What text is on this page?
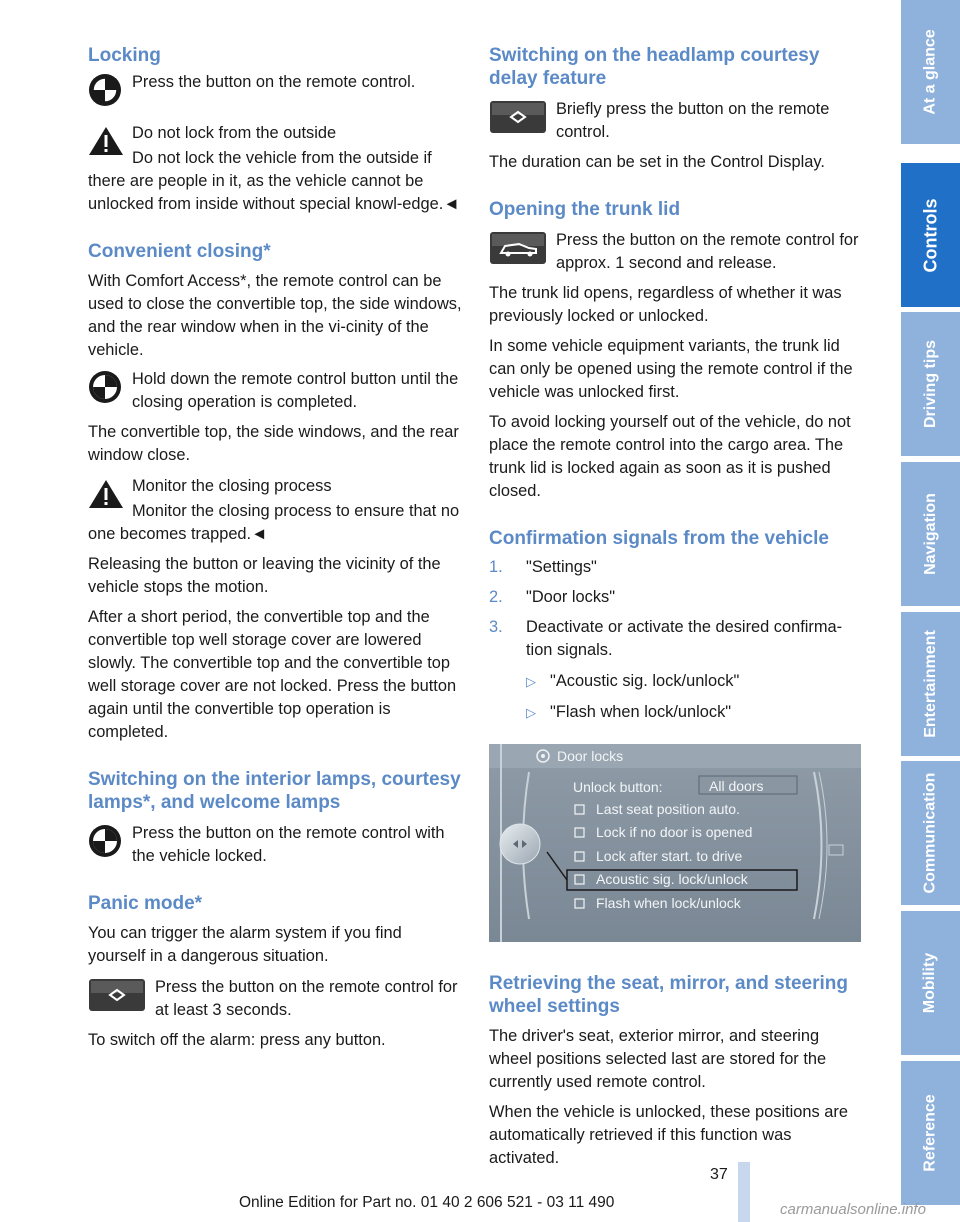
Locking

Press the button on the remote control.

Do not lock from the outside

Do not lock the vehicle from the outside if there are people in it, as the vehicle cannot be unlocked from inside without special knowl-edge.◄

Convenient closing*

With Comfort Access*, the remote control can be used to close the convertible top, the side windows, and the rear window when in the vi-cinity of the vehicle.

Hold down the remote control button until the closing operation is completed.

The convertible top, the side windows, and the rear window close.

Monitor the closing process

Monitor the closing process to ensure that no one becomes trapped.◄

Releasing the button or leaving the vicinity of the vehicle stops the motion.

After a short period, the convertible top and the convertible top well storage cover are lowered slowly. The convertible top and the convertible top well storage cover are not locked. Press the button again until the convertible top operation is completed.

Switching on the interior lamps, courtesy lamps*, and welcome lamps

Press the button on the remote control with the vehicle locked.

Panic mode*

You can trigger the alarm system if you find yourself in a dangerous situation.

Press the button on the remote control for at least 3 seconds.

To switch off the alarm: press any button.

Switching on the headlamp courtesy delay feature

Briefly press the button on the remote control.

The duration can be set in the Control Display.

Opening the trunk lid

Press the button on the remote control for approx. 1 second and release.

The trunk lid opens, regardless of whether it was previously locked or unlocked.

In some vehicle equipment variants, the trunk lid can only be opened using the remote control if the vehicle was unlocked first.

To avoid locking yourself out of the vehicle, do not place the remote control into the cargo area. The trunk lid is locked again as soon as it is pushed closed.

Confirmation signals from the vehicle
1. "Settings"
2. "Door locks"
3. Deactivate or activate the desired confirma-tion signals.
▷ "Acoustic sig. lock/unlock"
▷ "Flash when lock/unlock"
Door locks
Unlock button:	All doors
Last seat position auto.
Lock if no door is opened
Lock after start. to drive
Acoustic sig. lock/unlock
Flash when lock/unlock
Retrieving the seat, mirror, and steering wheel settings

The driver's seat, exterior mirror, and steering wheel positions selected last are stored for the currently used remote control.

When the vehicle is unlocked, these positions are automatically retrieved if this function was activated.

At a glance
Controls
Driving tips
Navigation
Entertainment
Communication
Mobility
Reference
37
Online Edition for Part no. 01 40 2 606 521 - 03 11 490	carmanualsonline.info
